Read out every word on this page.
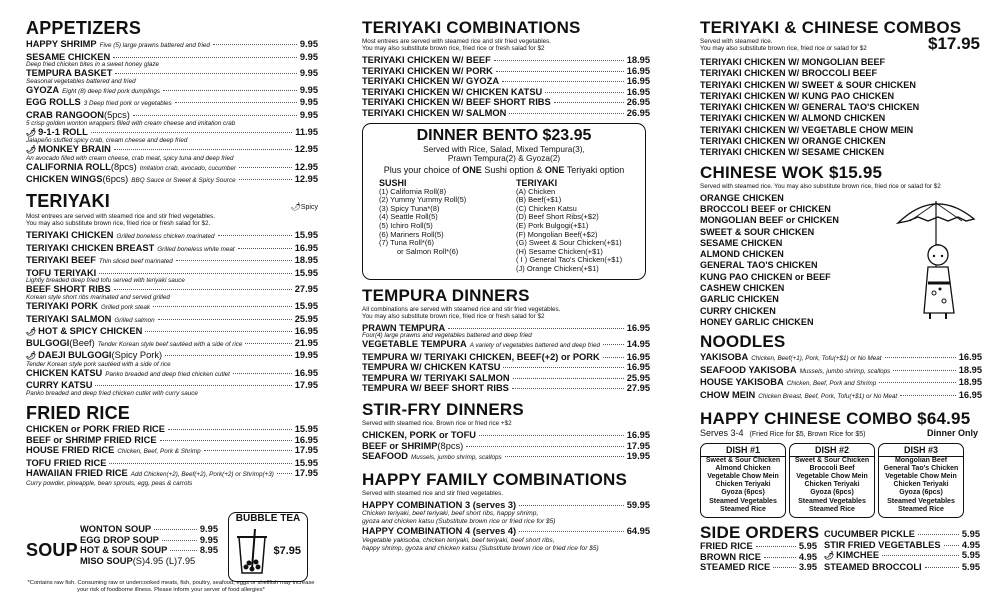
APPETIZERS
HAPPY SHRIMP Five (5) large prawns battered and fried	9.95
SESAME CHICKEN	9.95
Deep fried chicken bites in a sweet honey glaze
TEMPURA BASKET	9.95
Seasonal vegetables battered and fried
GYOZA Eight (8) deep fried pork dumplings	9.95
EGG ROLLS 3 Deep fried pork or vegetables	9.95
CRAB RANGOON (5pcs)	9.95
5 crisp golden wonton wrappers filled with cream cheese and imitation crab
🌶 9-1-1 ROLL	11.95
Jalapeño stuffed spicy crab, cream cheese and deep fried
🌶 MONKEY BRAIN	12.95
An avocado filled with cream cheese, crab meat, spicy tuna and deep fried
CALIFORNIA ROLL (8pcs) Imitation crab, avocado, cucumber	12.95
CHICKEN WINGS (6pcs) BBQ Sauce or Sweet & Spicy Source	12.95
TERIYAKI	🌶Spicy
Most entrees are served with steamed rice and stir fried vegetables.
You may also substitute brown rice, fried rice or fresh salad for $2.
TERIYAKI CHICKEN Grilled boneless chicken marinated	15.95
TERIYAKI CHICKEN BREAST Grilled boneless white meat	16.95
TERIYAKI BEEF Thin sliced beef marinated	18.95
TOFU TERIYAKI	15.95
Lightly breaded deep fried tofu served with teriyaki sauce
BEEF SHORT RIBS	27.95
Korean style short ribs marinated and served grilled
TERIYAKI PORK Grilled pork steak	15.95
TERIYAKI SALMON Grilled salmon	25.95
🌶 HOT & SPICY CHICKEN	16.95
BULGOGI (Beef) Tender Korean style beef sautéed with a side of rice	21.95
🌶 DAEJI BULGOGI (Spicy Pork)	19.95
Tender Korean style pork sautéed with a side of rice
CHICKEN KATSU Panko breaded and deep fried chicken cutlet	16.95
CURRY KATSU	17.95
Panko breaded and deep fried chicken cutlet with curry sauce
FRIED RICE
CHICKEN or PORK FRIED RICE	15.95
BEEF or SHRIMP FRIED RICE	16.95
HOUSE FRIED RICE Chicken, Beef, Pork & Shrimp	17.95
TOFU FRIED RICE	15.95
HAWAIIAN FRIED RICE Add Chicken(+2), Beef(+2), Pork(+2) or Shrimp(+3) 17.95
Curry powder, pineapple, bean sprouts, egg, peas & carrots
SOUP
WONTON SOUP	9.95
EGG DROP SOUP	9.95
HOT & SOUR SOUP	8.95
MISO SOUP (S)4.95 (L)7.95
BUBBLE TEA
$7.95
*Contains raw fish. Consuming raw or undercooked meats, fish, poultry, seafood, eggs or shellfish may increase your risk of foodborne illness. Please inform your server of food allergies*
TERIYAKI COMBINATIONS
Most entrees are served with steamed rice and stir fried vegetables.
You may also substitute brown rice, fried rice or fresh salad for $2
TERIYAKI CHICKEN W/ BEEF	18.95
TERIYAKI CHICKEN W/ PORK	16.95
TERIYAKI CHICKEN W/ GYOZA	16.95
TERIYAKI CHICKEN W/ CHICKEN KATSU	16.95
TERIYAKI CHICKEN W/ BEEF SHORT RIBS	26.95
TERIYAKI CHICKEN W/ SALMON	26.95
DINNER BENTO $23.95
Served with Rice, Salad, Mixed Tempura(3),
Prawn Tempura(2) & Gyoza(2)
Plus your choice of ONE Sushi option & ONE Teriyaki option
SUSHI
(1) California Roll(8)
(2) Yummy Yummy Roll(5)
(3) Spicy Tuna*(8)
(4) Seattle Roll(5)
(5) Ichiro Roll(5)
(6) Mariners Roll(5)
(7) Tuna Roll*(6)
or Salmon Roll*(6)
TERIYAKI
(A) Chicken
(B) Beef(+$1)
(C) Chicken Katsu
(D) Beef Short Ribs(+$2)
(E) Pork Bulgogi(+$1)
(F) Mongolian Beef(+$2)
(G) Sweet & Sour Chicken(+$1)
(H) Sesame Chicken(+$1)
( I ) General Tao's Chicken(+$1)
(J) Orange Chicken(+$1)
TEMPURA DINNERS
All combinations are served with steamed rice and stir fried vegetables.
You may also substitute brown rice, fried rice or fresh salad for $2
PRAWN TEMPURA	16.95
Four(4) large prawns and vegetables battered and deep fried
VEGETABLE TEMPURA A variety of vegetables battered and deep fried	14.95
TEMPURA W/ TERIYAKI CHICKEN, BEEF(+2) or PORK	16.95
TEMPURA W/ CHICKEN KATSU	16.95
TEMPURA W/ TERIYAKI SALMON	25.95
TEMPURA W/ BEEF SHORT RIBS	27.95
STIR-FRY DINNERS
Served with steamed rice. Brown rice or fried rice +$2
CHICKEN, PORK or TOFU	16.95
BEEF or SHRIMP (8pcs)	17.95
SEAFOOD Mussels, jumbo shrimp, scallops	19.95
HAPPY FAMILY COMBINATIONS
Served with steamed rice and stir fried vegetables.
HAPPY COMBINATION 3 (serves 3)	59.95
Chicken teriyaki, beef teriyaki, beef short ribs, happy shrimp,
gyoza and chicken katsu (Substitute brown rice or fried rice for $5)
HAPPY COMBINATION 4 (serves 4)	64.95
Vegetable yakisoba, chicken teriyaki, beef teriyaki, beef short ribs,
happy shrimp, gyoza and chicken katsu (Substitute brown rice or fried rice for $5)
TERIYAKI & CHINESE COMBOS
Served with steamed rice.
You may also substitute brown rice, fried rice or salad for $2	$17.95
TERIYAKI CHICKEN W/ MONGOLIAN BEEF
TERIYAKI CHICKEN W/ BROCCOLI BEEF
TERIYAKI CHICKEN W/ SWEET & SOUR CHICKEN
TERIYAKI CHICKEN W/ KUNG PAO CHICKEN
TERIYAKI CHICKEN W/ GENERAL TAO'S CHICKEN
TERIYAKI CHICKEN W/ ALMOND CHICKEN
TERIYAKI CHICKEN W/ VEGETABLE CHOW MEIN
TERIYAKI CHICKEN W/ ORANGE CHICKEN
TERIYAKI CHICKEN W/ SESAME CHICKEN
CHINESE WOK $15.95
Served with steamed rice. You may also substitute brown rice, fried rice or salad for $2
ORANGE CHICKEN
BROCCOLI BEEF or CHICKEN
MONGOLIAN BEEF or CHICKEN
SWEET & SOUR CHICKEN
SESAME CHICKEN
ALMOND CHICKEN
GENERAL TAO'S CHICKEN
KUNG PAO CHICKEN or BEEF
CASHEW CHICKEN
GARLIC CHICKEN
CURRY CHICKEN
HONEY GARLIC CHICKEN
NOODLES
YAKISOBA Chicken, Beef(+1), Pork, Tofu(+$1) or No Meat	16.95
SEAFOOD YAKISOBA Mussels, jumbo shrimp, scallops	18.95
HOUSE YAKISOBA Chicken, Beef, Pork and Shrimp	18.95
CHOW MEIN Chicken Breast, Beef, Pork, Tofu(+$1) or No Meat	16.95
HAPPY CHINESE COMBO $64.95
Serves 3-4 (Fried Rice for $5, Brown Rice for $5)	Dinner Only
DISH #1
Sweet & Sour Chicken
Almond Chicken
Vegetable Chow Mein
Chicken Teriyaki
Gyoza (6pcs)
Steamed Vegetables
Steamed Rice
DISH #2
Sweet & Sour Chicken
Broccoli Beef
Vegetable Chow Mein
Chicken Teriyaki
Gyoza (6pcs)
Steamed Vegetables
Steamed Rice
DISH #3
Mongolian Beef
General Tao's Chicken
Vegetable Chow Mein
Chicken Teriyaki
Gyoza (6pcs)
Steamed Vegetables
Steamed Rice
SIDE ORDERS
FRIED RICE	5.95
BROWN RICE	4.95
STEAMED RICE	3.95
CUCUMBER PICKLE	5.95
STIR FRIED VEGETABLES 4.95
🌶 KIMCHEE	5.95
STEAMED BROCCOLI	5.95
